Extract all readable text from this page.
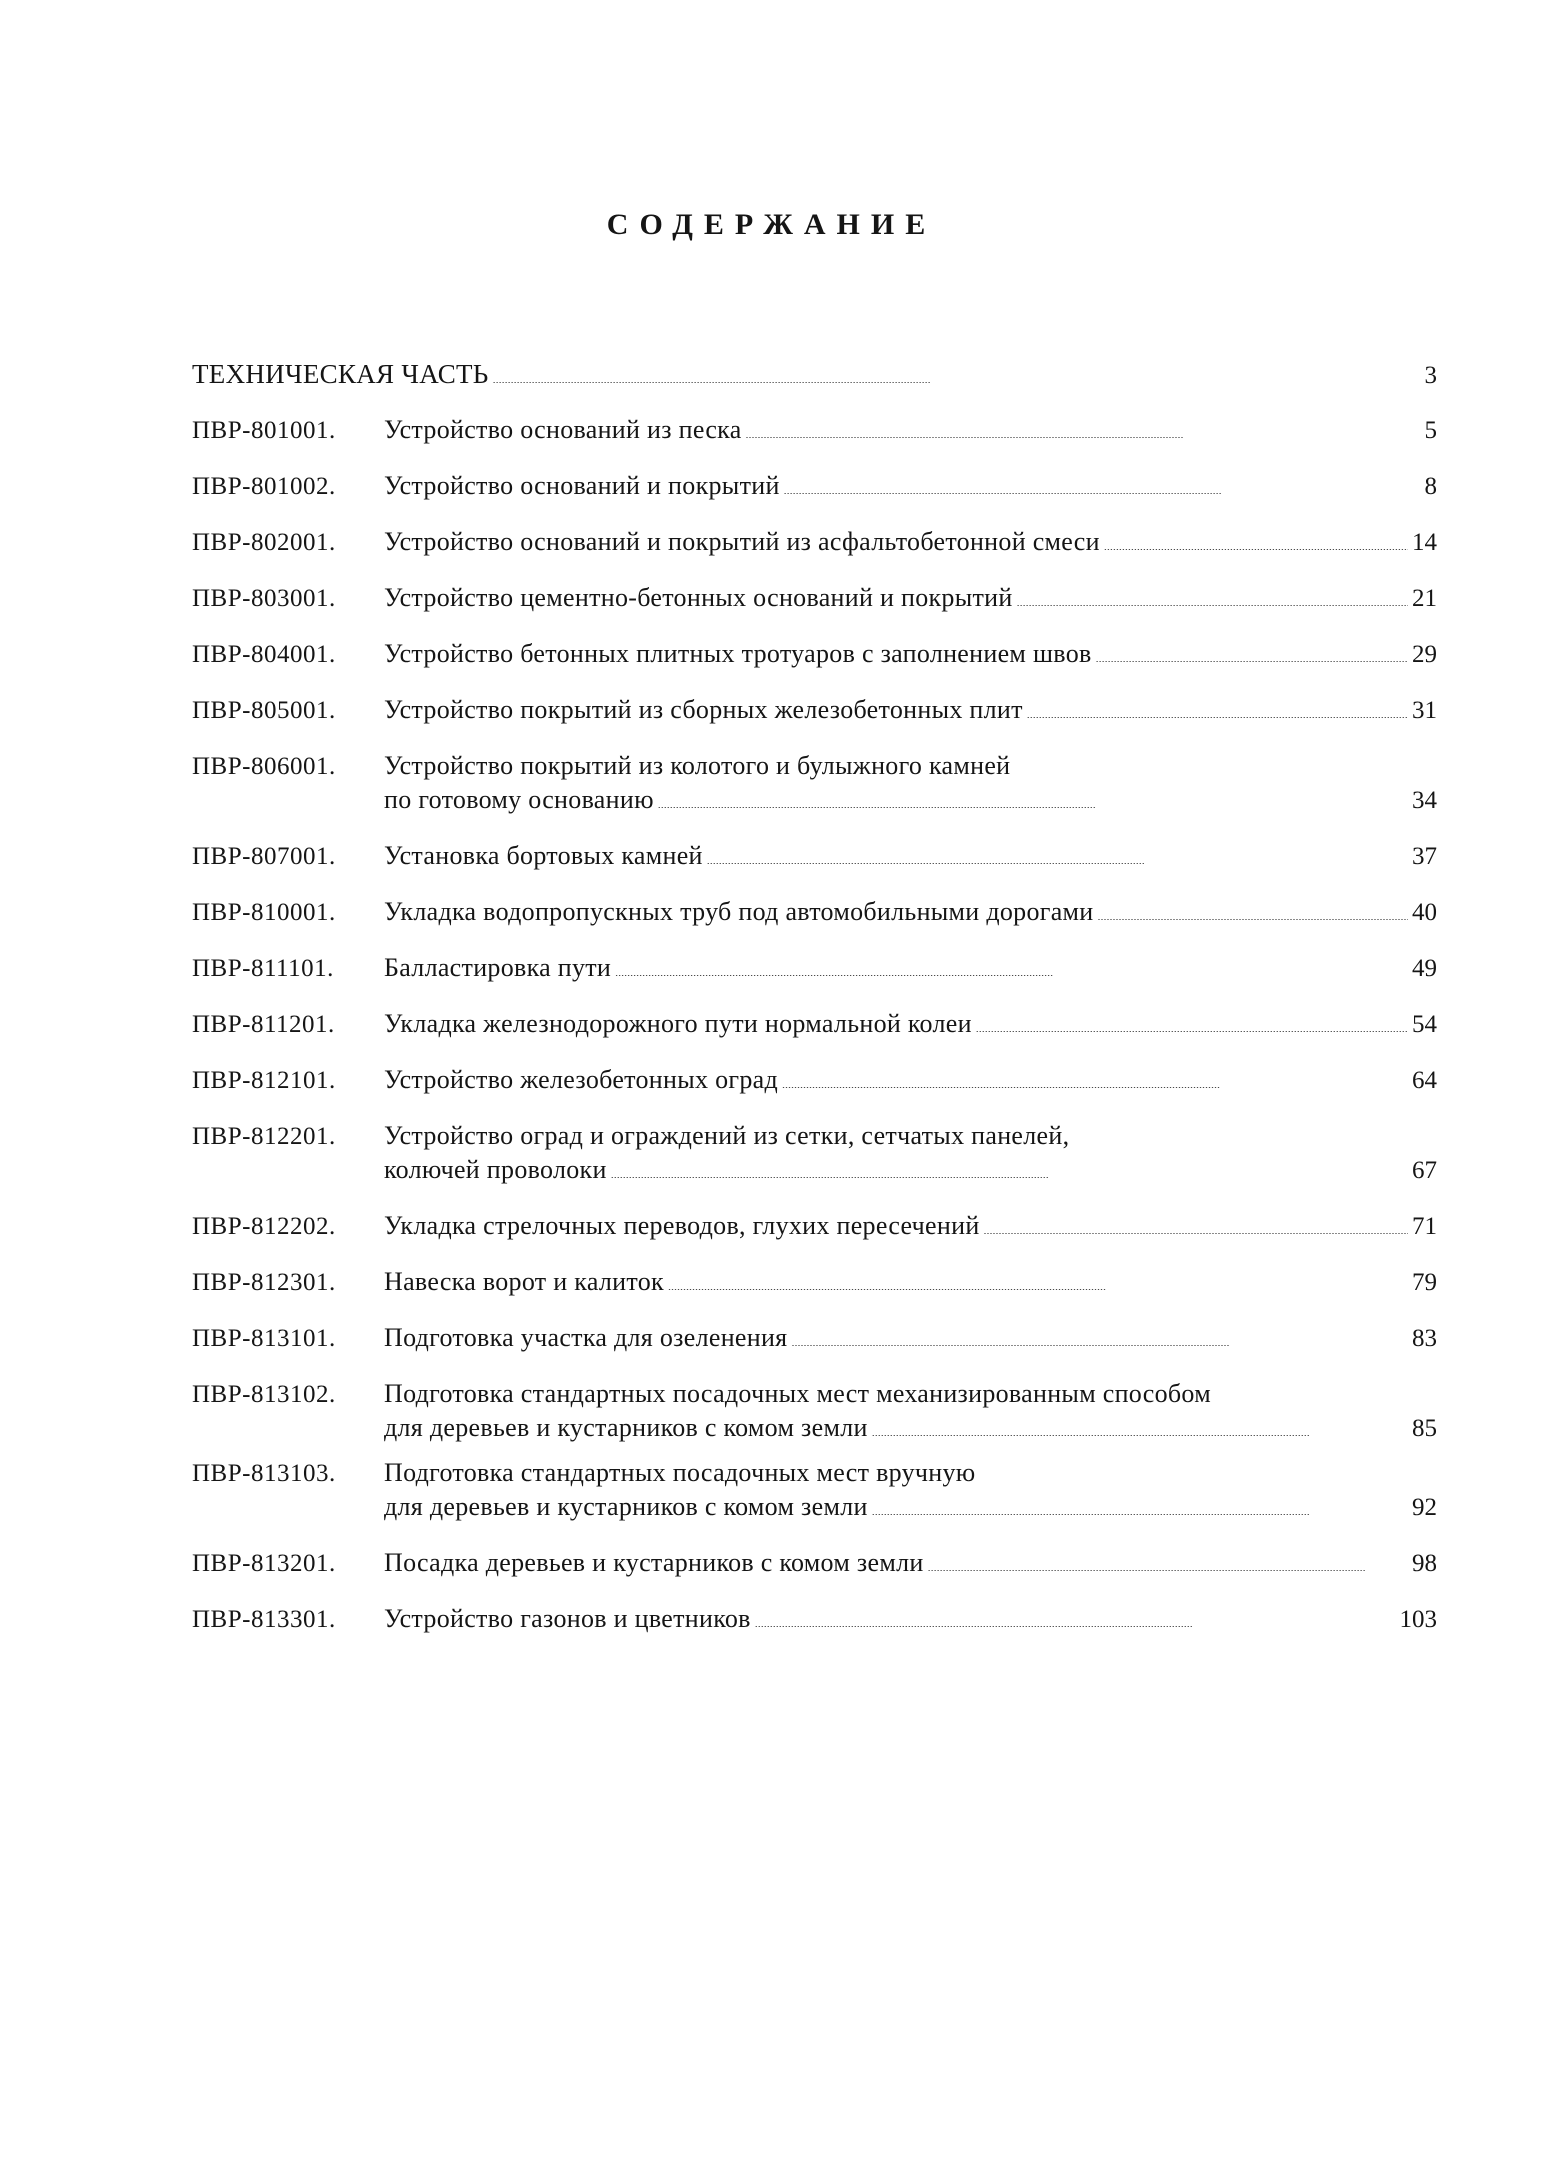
СОДЕРЖАНИЕ
ТЕХНИЧЕСКАЯ ЧАСТЬ . . .	3
ПВР-801001.	Устройство оснований из песка . . .	5
ПВР-801002.	Устройство оснований и покрытий . . .	8
ПВР-802001.	Устройство оснований и покрытий из асфальтобетонной смеси . . .	14
ПВР-803001.	Устройство цементно-бетонных оснований и покрытий . . .	21
ПВР-804001.	Устройство бетонных плитных тротуаров с заполнением швов . . .	29
ПВР-805001.	Устройство покрытий из сборных железобетонных плит . . .	31
ПВР-806001.	Устройство покрытий из колотого и булыжного камней
по готовому основанию . . .	34
ПВР-807001.	Установка бортовых камней . . .	37
ПВР-810001.	Укладка водопропускных труб под автомобильными дорогами . . .	40
ПВР-811101.	Балластировка пути . . .	49
ПВР-811201.	Укладка железнодорожного пути нормальной колеи . . .	54
ПВР-812101.	Устройство железобетонных оград . . .	64
ПВР-812201.	Устройство оград и ограждений из сетки, сетчатых панелей,
колючей проволоки . . .	67
ПВР-812202.	Укладка стрелочных переводов, глухих пересечений . . .	71
ПВР-812301.	Навеска ворот и калиток . . .	79
ПВР-813101.	Подготовка участка для озеленения . . .	83
ПВР-813102.	Подготовка стандартных посадочных мест механизированным способом
для деревьев и кустарников с комом земли . . .	85
ПВР-813103.	Подготовка стандартных посадочных мест вручную
для деревьев и кустарников с комом земли . . .	92
ПВР-813201.	Посадка деревьев и кустарников с комом земли . . .	98
ПВР-813301.	Устройство газонов и цветников . . .	103
